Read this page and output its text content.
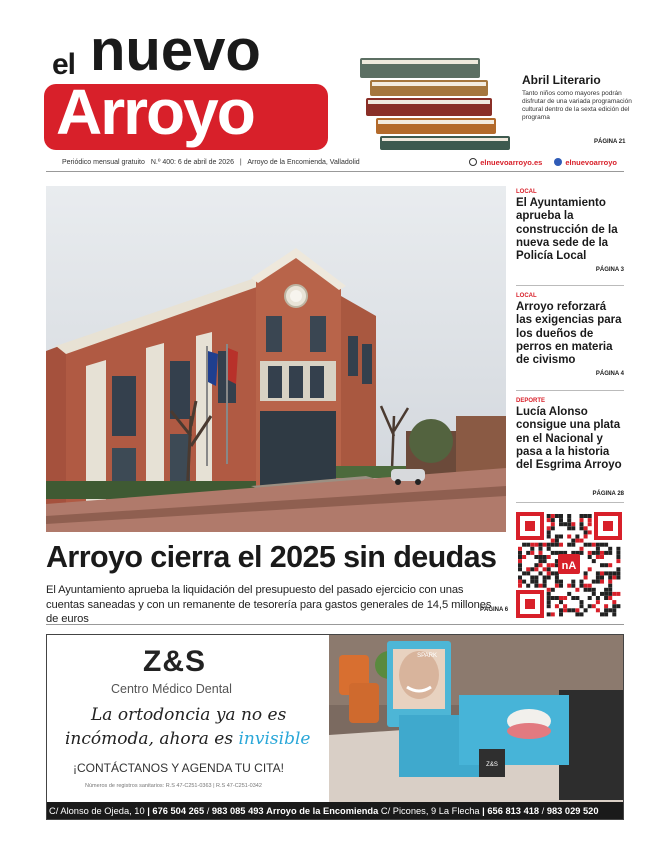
el nuevo
Arroyo	Abril Literario
Tanto niños como mayores podrán disfrutar de una variada programación cultural dentro de la sexta edición del programa
PÁGINA 21
Periódico mensual gratuito N.º 400: 6 de abril de 2026 | Arroyo de la Encomienda, Valladolid	elnuevoarroyo.es	elnuevoarroyo
LOCAL
El Ayuntamiento aprueba la construcción de la nueva sede de la Policía Local
PÁGINA 3
LOCAL
Arroyo reforzará las exigencias para los dueños de perros en materia de civismo
PÁGINA 4
DEPORTE
Lucía Alonso consigue una plata en el Nacional y pasa a la historia del Esgrima Arroyo
PÁGINA 28
nA
Arroyo cierra el 2025 sin deudas
El Ayuntamiento aprueba la liquidación del presupuesto del pasado ejercicio con unas cuentas saneadas y con un remanente de tesorería para gastos generales de 14,5 millones de euros
PÁGINA 6
Z&S
Centro Médico Dental
La ortodoncia ya no es
incómoda, ahora es invisible
¡CONTÁCTANOS Y AGENDA TU CITA!
Números de registros sanitarios: R.S 47-C251-0363 | R.S 47-C251-0342
SPARK
Z&S
C/ Alonso de Ojeda, 10 | 676 504 265 / 983 085 493 Arroyo de la Encomienda C/ Picones, 9 La Flecha | 656 813 418 / 983 029 520
